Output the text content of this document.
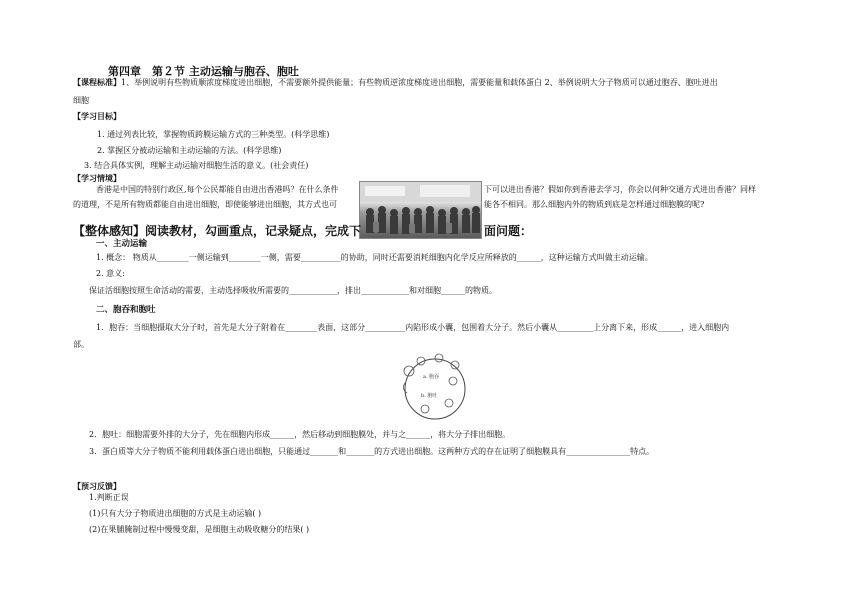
第四章　第２节 主动运输与胞吞、胞吐
【课程标准】1、举例说明有些物质顺浓度梯度进出细胞，不需要额外提供能量；有些物质逆浓度梯度进出细胞，需要能量和载体蛋白 2、举例说明大分子物质可以通过胞吞、胞吐进出
细胞
【学习目标】
1. 通过列表比较，掌握物质跨膜运输方式的三种类型。(科学思维)
2. 掌握区分被动运输和主动运输的方法。(科学思维)
3. 结合具体实例，理解主动运输对细胞生活的意义。(社会责任)
【学习情境】
香港是中国的特别行政区,每个公民都能自由进出香港吗？在什么条件
的道理，不是所有物质都能自由进出细胞，即使能够进出细胞，其方式也可
下可以进出香港？假如你到香港去学习，你会以何种交通方式进出香港？同样
能各不相同。那么细胞内外的物质到底是怎样通过细胞膜的呢?
【整体感知】阅读教材，勾画重点，记录疑点，完成下	面问题：
一、主动运输
1. 概念： 物质从________一侧运输到________一侧，需要__________的协助，同时还需要消耗细胞内化学反应所释放的______，这种运输方式叫做主动运输。
2. 意义:
保证活细胞按照生命活动的需要，主动选择吸收所需要的____________，排出____________和对细胞______的物质。
二、胞吞和胞吐
1．胞吞：当细胞摄取大分子时，首先是大分子附着在________表面，这部分__________内陷形成小囊，包围着大分子。然后小囊从_________上分离下来，形成______，进入细胞内
部。
a. 胞吞
b. 胞吐
2．胞吐：细胞需要外排的大分子，先在细胞内形成______，然后移动到细胞膜处，并与之______，将大分子排出细胞。
3．蛋白质等大分子物质不能利用载体蛋白进出细胞，只能通过_______和_______的方式进出细胞。这两种方式的存在证明了细胞膜具有________________特点。
【预习反馈】
1.判断正误
(1)只有大分子物质进出细胞的方式是主动运输( )
(2)在果脯腌制过程中慢慢变甜，是细胞主动吸收糖分的结果( )
